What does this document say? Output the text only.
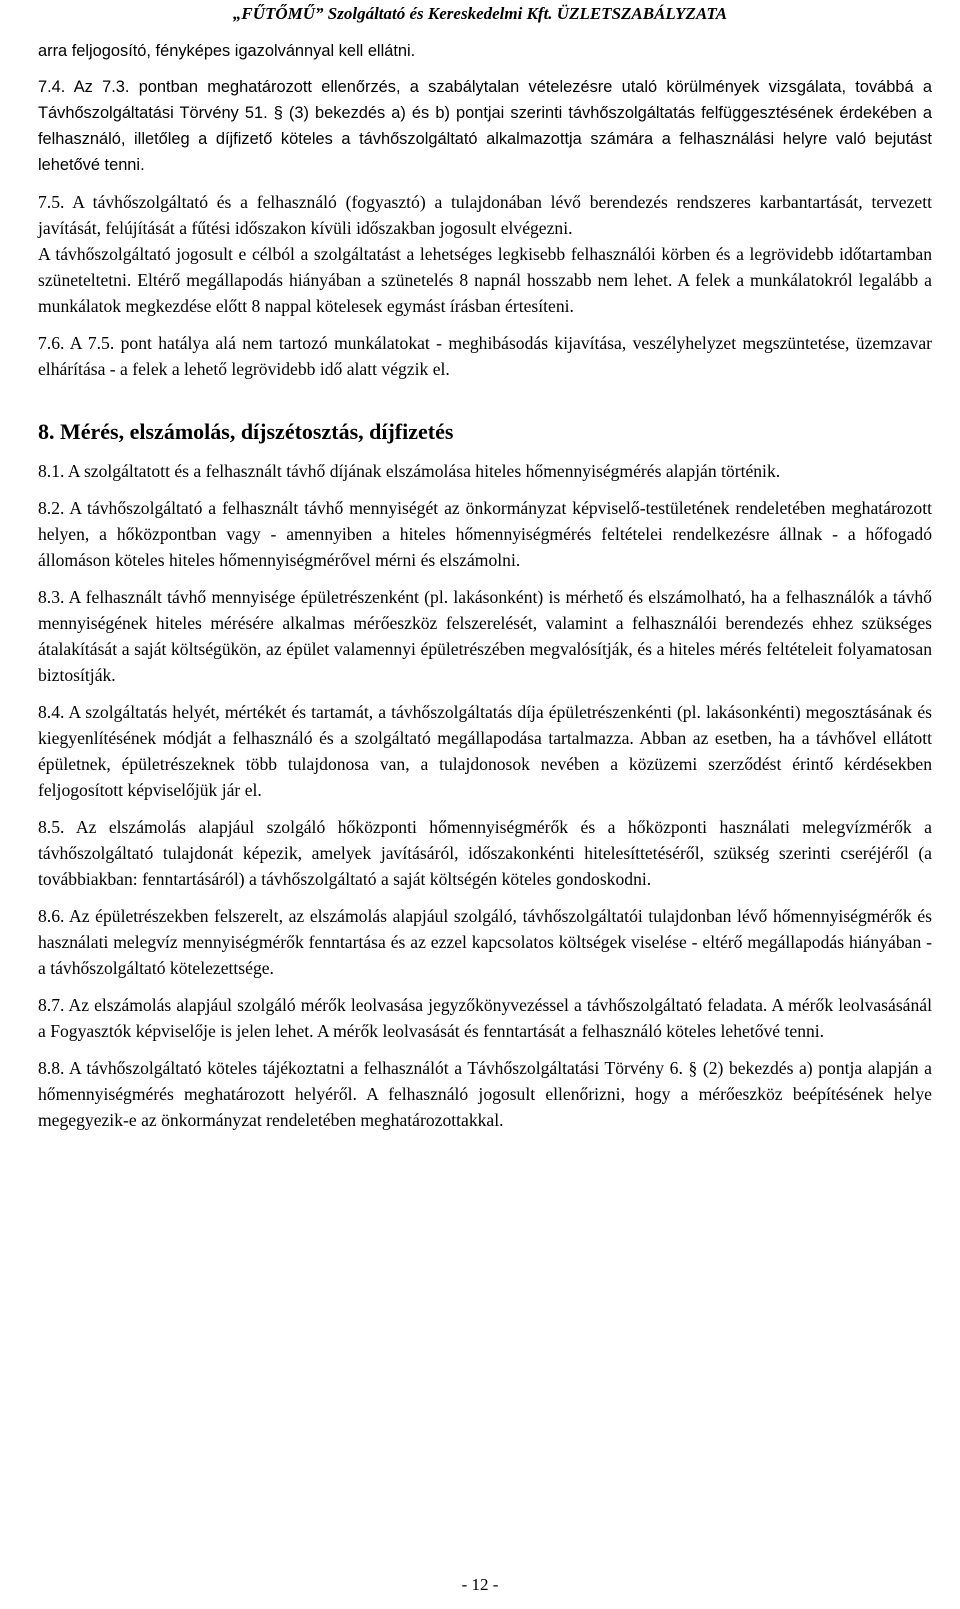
„FŰTŐMŰ” Szolgáltató és Kereskedelmi Kft. ÜZLETSZABÁLYZATA

arra feljogosító, fényképes igazolvánnyal kell ellátni.

7.4. Az 7.3. pontban meghatározott ellenőrzés, a szabálytalan vételezésre utaló körülmények vizsgálata, továbbá a Távhőszolgáltatási Törvény 51. § (3) bekezdés a) és b) pontjai szerinti távhőszolgáltatás felfüggesztésének érdekében a felhasználó, illetőleg a díjfizető köteles a távhőszolgáltató alkalmazottja számára a felhasználási helyre való bejutást lehetővé tenni.
7.5. A távhőszolgáltató és a felhasználó (fogyasztó) a tulajdonában lévő berendezés rendszeres karbantartását, tervezett javítását, felújítását a fűtési időszakon kívüli időszakban jogosult elvégezni.

A távhőszolgáltató jogosult e célból a szolgáltatást a lehetséges legkisebb felhasználói körben és a legrövidebb időtartamban szüneteltetni. Eltérő megállapodás hiányában a szünetelés 8 napnál hosszabb nem lehet. A felek a munkálatokról legalább a munkálatok megkezdése előtt 8 nappal kötelesek egymást írásban értesíteni.

7.6. A 7.5. pont hatálya alá nem tartozó munkálatokat - meghibásodás kijavítása, veszélyhelyzet megszüntetése, üzemzavar elhárítása - a felek a lehető legrövidebb idő alatt végzik el.
8. Mérés, elszámolás, díjszétosztás, díjfizetés
8.1. A szolgáltatott és a felhasznált távhő díjának elszámolása hiteles hőmennyiségmérés alapján történik.
8.2. A távhőszolgáltató a felhasznált távhő mennyiségét az önkormányzat képviselő-testületének rendeletében meghatározott helyen, a hőközpontban vagy - amennyiben a hiteles hőmennyiségmérés feltételei rendelkezésre állnak - a hőfogadó állomáson köteles hiteles hőmennyiségmérővel mérni és elszámolni.
8.3. A felhasznált távhő mennyisége épületrészenként (pl. lakásonként) is mérhető és elszámolható, ha a felhasználók a távhő mennyiségének hiteles mérésére alkalmas mérőeszköz felszerelését, valamint a felhasználói berendezés ehhez szükséges átalakítását a saját költségükön, az épület valamennyi épületrészében megvalósítják, és a hiteles mérés feltételeit folyamatosan biztosítják.
8.4. A szolgáltatás helyét, mértékét és tartamát, a távhőszolgáltatás díja épületrészenkénti (pl. lakásonkénti) megosztásának és kiegyenlítésének módját a felhasználó és a szolgáltató megállapodása tartalmazza. Abban az esetben, ha a távhővel ellátott épületnek, épületrészeknek több tulajdonosa van, a tulajdonosok nevében a közüzemi szerződést érintő kérdésekben feljogosított képviselőjük jár el.
8.5. Az elszámolás alapjául szolgáló hőközponti hőmennyiségmérők és a hőközponti használati melegvízmérők a távhőszolgáltató tulajdonát képezik, amelyek javításáról, időszakonkénti hitelesíttetéséről, szükség szerinti cseréjéről (a továbbiakban: fenntartásáról) a távhőszolgáltató a saját költségén köteles gondoskodni.
8.6. Az épületrészekben felszerelt, az elszámolás alapjául szolgáló, távhőszolgáltatói tulajdonban lévő hőmennyiségmérők és használati melegvíz mennyiségmérők fenntartása és az ezzel kapcsolatos költségek viselése - eltérő megállapodás hiányában - a távhőszolgáltató kötelezettsége.
8.7. Az elszámolás alapjául szolgáló mérők leolvasása jegyzőkönyvezéssel a távhőszolgáltató feladata. A mérők leolvasásánál a Fogyasztók képviselője is jelen lehet. A mérők leolvasását és fenntartását a felhasználó köteles lehetővé tenni.
8.8. A távhőszolgáltató köteles tájékoztatni a felhasználót a Távhőszolgáltatási Törvény 6. § (2) bekezdés a) pontja alapján a hőmennyiségmérés meghatározott helyéről. A felhasználó jogosult ellenőrizni, hogy a mérőeszköz beépítésének helye megegyezik-e az önkormányzat rendeletében meghatározottakkal.
- 12 -
